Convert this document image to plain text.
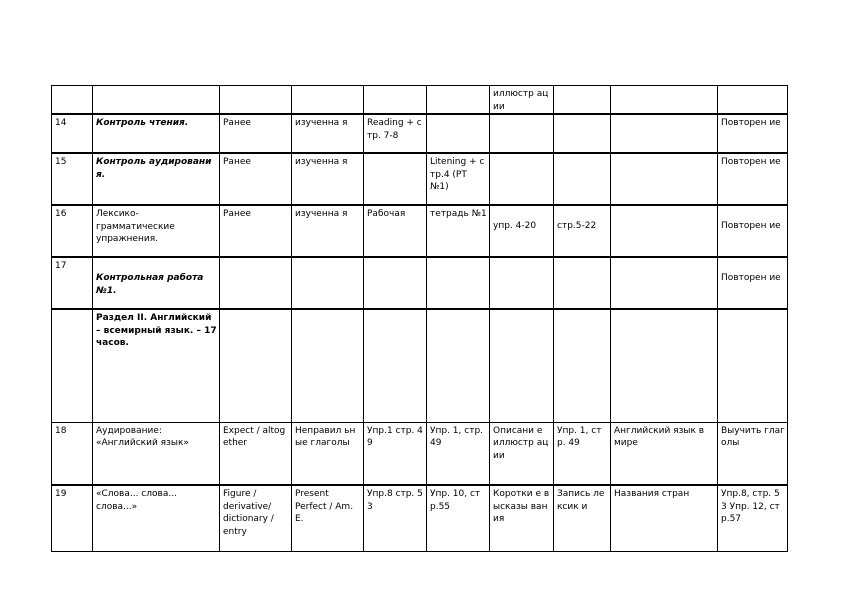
						иллюстр ации			
14	Контроль чтения.	Ранее	изученна я	Reading + стр. 7-8					Повторен ие
15	Контроль аудирования.	Ранее	изученна я		Litening + стр.4 (РТ №1)				Повторен ие
16	Лексико-грамматические упражнения.	Ранее	изученна я	Рабочая	тетрадь №1	упр. 4-20	стр.5-22		Повторен ие
17	Контрольная работа №1.								Повторен ие
	Раздел II. Английский – всемирный язык. – 17 часов.								
18	Аудирование: «Английский язык»	Expect / altogether	Неправил ьные глаголы	Упр.1 стр. 49	Упр. 1, стр. 49	Описани е иллюстр ации	Упр. 1, стр. 49	Английский язык в мире	Выучить глаголы
19	«Слова... слова... слова...»	Figure / derivative/ dictionary / entry	Present Perfect / Am. E.	Упр.8 стр. 53	Упр. 10, стр.55	Коротки е высказы вания	Запись лексик и	Названия стран	Упр.8, стр. 53 Упр. 12, стр.57
